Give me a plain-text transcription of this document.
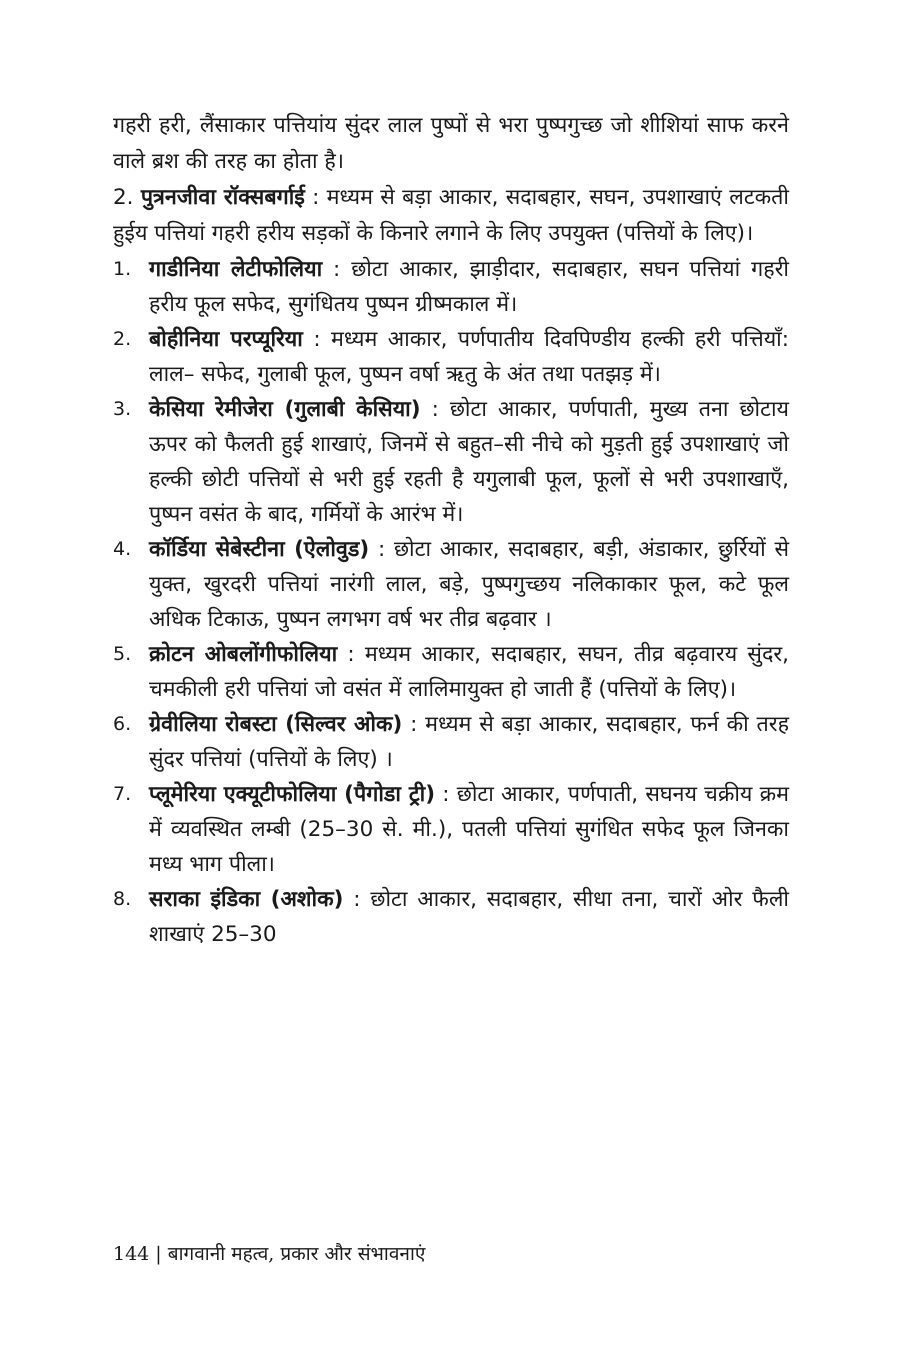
गहरी हरी, लैंसाकार पत्तियांय सुंदर लाल पुष्पों से भरा पुष्पगुच्छ जो शीशियां साफ करने वाले ब्रश की तरह का होता है।

2. पुत्रनजीवा रॉक्सबर्गाई : मध्यम से बड़ा आकार, सदाबहार, सघन, उपशाखाएं लटकती हुईय पत्तियां गहरी हरीय सड़कों के किनारे लगाने के लिए उपयुक्त (पत्तियों के लिए)।

1. गाडीनिया लेटीफोलिया : छोटा आकार, झाड़ीदार, सदाबहार, सघन पत्तियां गहरी हरीय फूल सफेद, सुगंधितय पुष्पन ग्रीष्मकाल में।
2. बोहीनिया परप्यूरिया : मध्यम आकार, पर्णपातीय दिवपिण्डीय हल्की हरी पत्तियाँ: लाल– सफेद, गुलाबी फूल, पुष्पन वर्षा ऋतु के अंत तथा पतझड़ में।
3. केसिया रेमीजेरा (गुलाबी केसिया) : छोटा आकार, पर्णपाती, मुख्य तना छोटाय ऊपर को फैलती हुई शाखाएं, जिनमें से बहुत–सी नीचे को मुड़ती हुई उपशाखाएं जो हल्की छोटी पत्तियों से भरी हुई रहती है यगुलाबी फूल, फूलों से भरी उपशाखाएँ, पुष्पन वसंत के बाद, गर्मियों के आरंभ में।
4. कॉर्डिया सेबेस्टीना (ऐलोवुड) : छोटा आकार, सदाबहार, बड़ी, अंडाकार, छुर्रियों से युक्त, खुरदरी पत्तियां नारंगी लाल, बड़े, पुष्पगुच्छय नलिकाकार फूल, कटे फूल अधिक टिकाऊ, पुष्पन लगभग वर्ष भर तीव्र बढ़वार ।
5. क्रोटन ओबलोंगीफोलिया : मध्यम आकार, सदाबहार, सघन, तीव्र बढ़वारय सुंदर, चमकीली हरी पत्तियां जो वसंत में लालिमायुक्त हो जाती हैं (पत्तियों के लिए)।
6. ग्रेवीलिया रोबस्टा (सिल्वर ओक) : मध्यम से बड़ा आकार, सदाबहार, फर्न की तरह सुंदर पत्तियां (पत्तियों के लिए) ।
7. प्लूमेरिया एक्यूटीफोलिया (पैगोडा ट्री) : छोटा आकार, पर्णपाती, सघनय चक्रीय क्रम में व्यवस्थित लम्बी (25–30 से. मी.), पतली पत्तियां सुगंधित सफेद फूल जिनका मध्य भाग पीला।
8. सराका इंडिका (अशोक) : छोटा आकार, सदाबहार, सीधा तना, चारों ओर फैली शाखाएं 25–30
144 | बागवानी महत्व, प्रकार और संभावनाएं
